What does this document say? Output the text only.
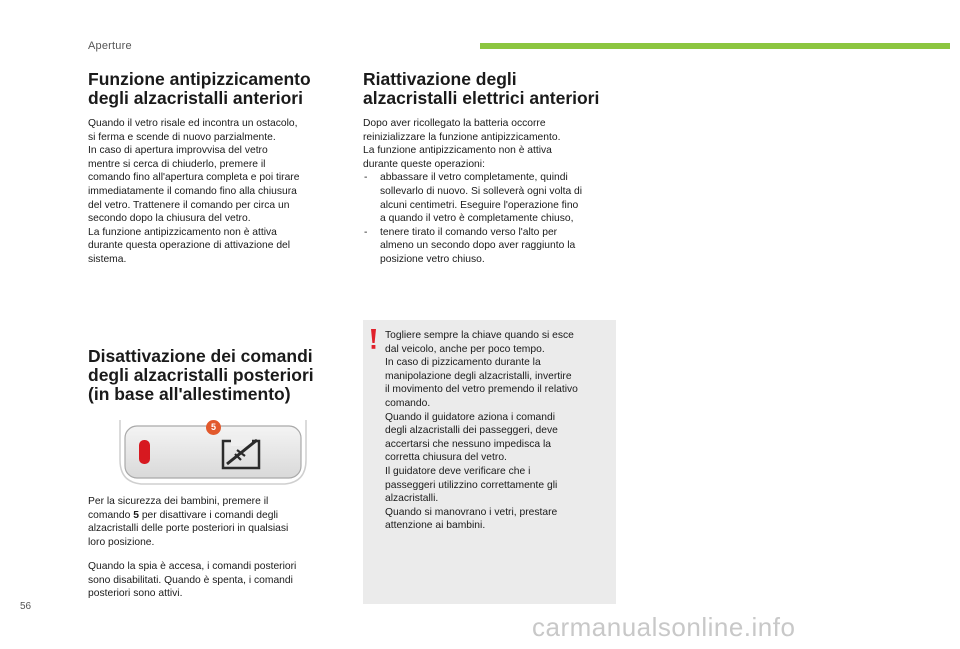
Aperture
Funzione antipizzicamento
degli alzacristalli anteriori

Quando il vetro risale ed incontra un ostacolo,

si ferma e scende di nuovo parzialmente.

In caso di apertura improvvisa del vetro

mentre si cerca di chiuderlo, premere il

comando fino all'apertura completa e poi tirare

immediatamente il comando fino alla chiusura

del vetro. Trattenere il comando per circa un

secondo dopo la chiusura del vetro.

La funzione antipizzicamento non è attiva

durante questa operazione di attivazione del

sistema.

Disattivazione dei comandi
degli alzacristalli posteriori
(in base all'allestimento)
5

Per la sicurezza dei bambini, premere il

comando 5 per disattivare i comandi degli

alzacristalli delle porte posteriori in qualsiasi

loro posizione.

Quando la spia è accesa, i comandi posteriori

sono disabilitati. Quando è spenta, i comandi

posteriori sono attivi.

Riattivazione degli
alzacristalli elettrici anteriori

Dopo aver ricollegato la batteria occorre

reinizializzare la funzione antipizzicamento.

La funzione antipizzicamento non è attiva

durante queste operazioni:

- abbassare il vetro completamente, quindi
sollevarlo di nuovo. Si solleverà ogni volta di
alcuni centimetri. Eseguire l'operazione fino
a quando il vetro è completamente chiuso,
- tenere tirato il comando verso l'alto per
almeno un secondo dopo aver raggiunto la
posizione vetro chiuso.

Togliere sempre la chiave quando si esce

dal veicolo, anche per poco tempo.

In caso di pizzicamento durante la

manipolazione degli alzacristalli, invertire

il movimento del vetro premendo il relativo

comando.

Quando il guidatore aziona i comandi

degli alzacristalli dei passeggeri, deve

accertarsi che nessuno impedisca la

corretta chiusura del vetro.

Il guidatore deve verificare che i

passeggeri utilizzino correttamente gli

alzacristalli.

Quando si manovrano i vetri, prestare

attenzione ai bambini.

56
carmanualsonline.info
